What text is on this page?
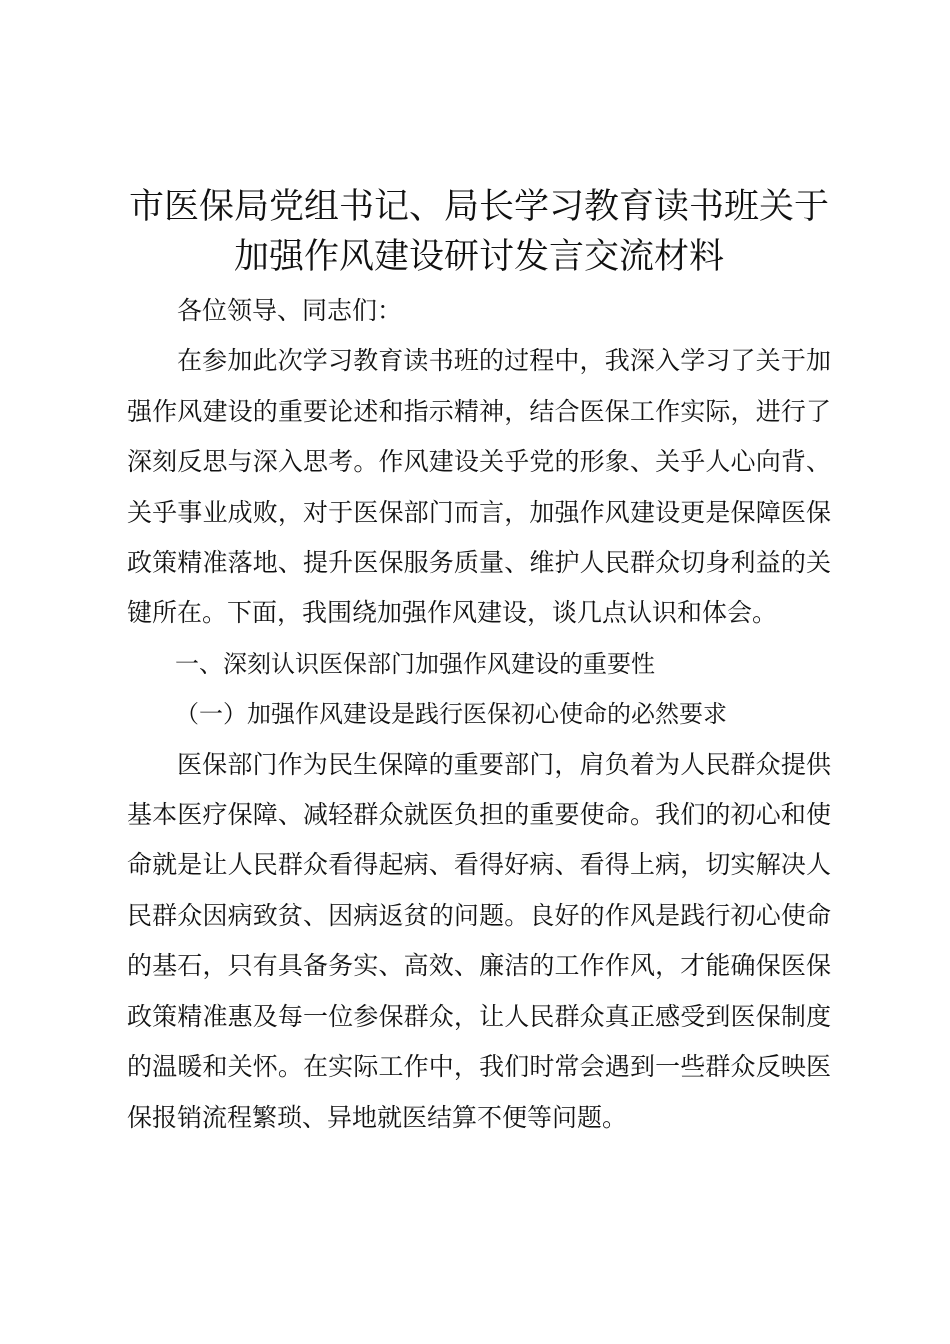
市医保局党组书记、局长学习教育读书班关于
加强作风建设研讨发言交流材料

各位领导、同志们：

在参加此次学习教育读书班的过程中，我深入学习了关于加强作风建设的重要论述和指示精神，结合医保工作实际，进行了深刻反思与深入思考。作风建设关乎党的形象、关乎人心向背、关乎事业成败，对于医保部门而言，加强作风建设更是保障医保政策精准落地、提升医保服务质量、维护人民群众切身利益的关键所在。下面，我围绕加强作风建设，谈几点认识和体会。

一、深刻认识医保部门加强作风建设的重要性

（一）加强作风建设是践行医保初心使命的必然要求

医保部门作为民生保障的重要部门，肩负着为人民群众提供基本医疗保障、减轻群众就医负担的重要使命。我们的初心和使命就是让人民群众看得起病、看得好病、看得上病，切实解决人民群众因病致贫、因病返贫的问题。良好的作风是践行初心使命的基石，只有具备务实、高效、廉洁的工作作风，才能确保医保政策精准惠及每一位参保群众，让人民群众真正感受到医保制度的温暖和关怀。在实际工作中，我们时常会遇到一些群众反映医保报销流程繁琐、异地就医结算不便等问题。
